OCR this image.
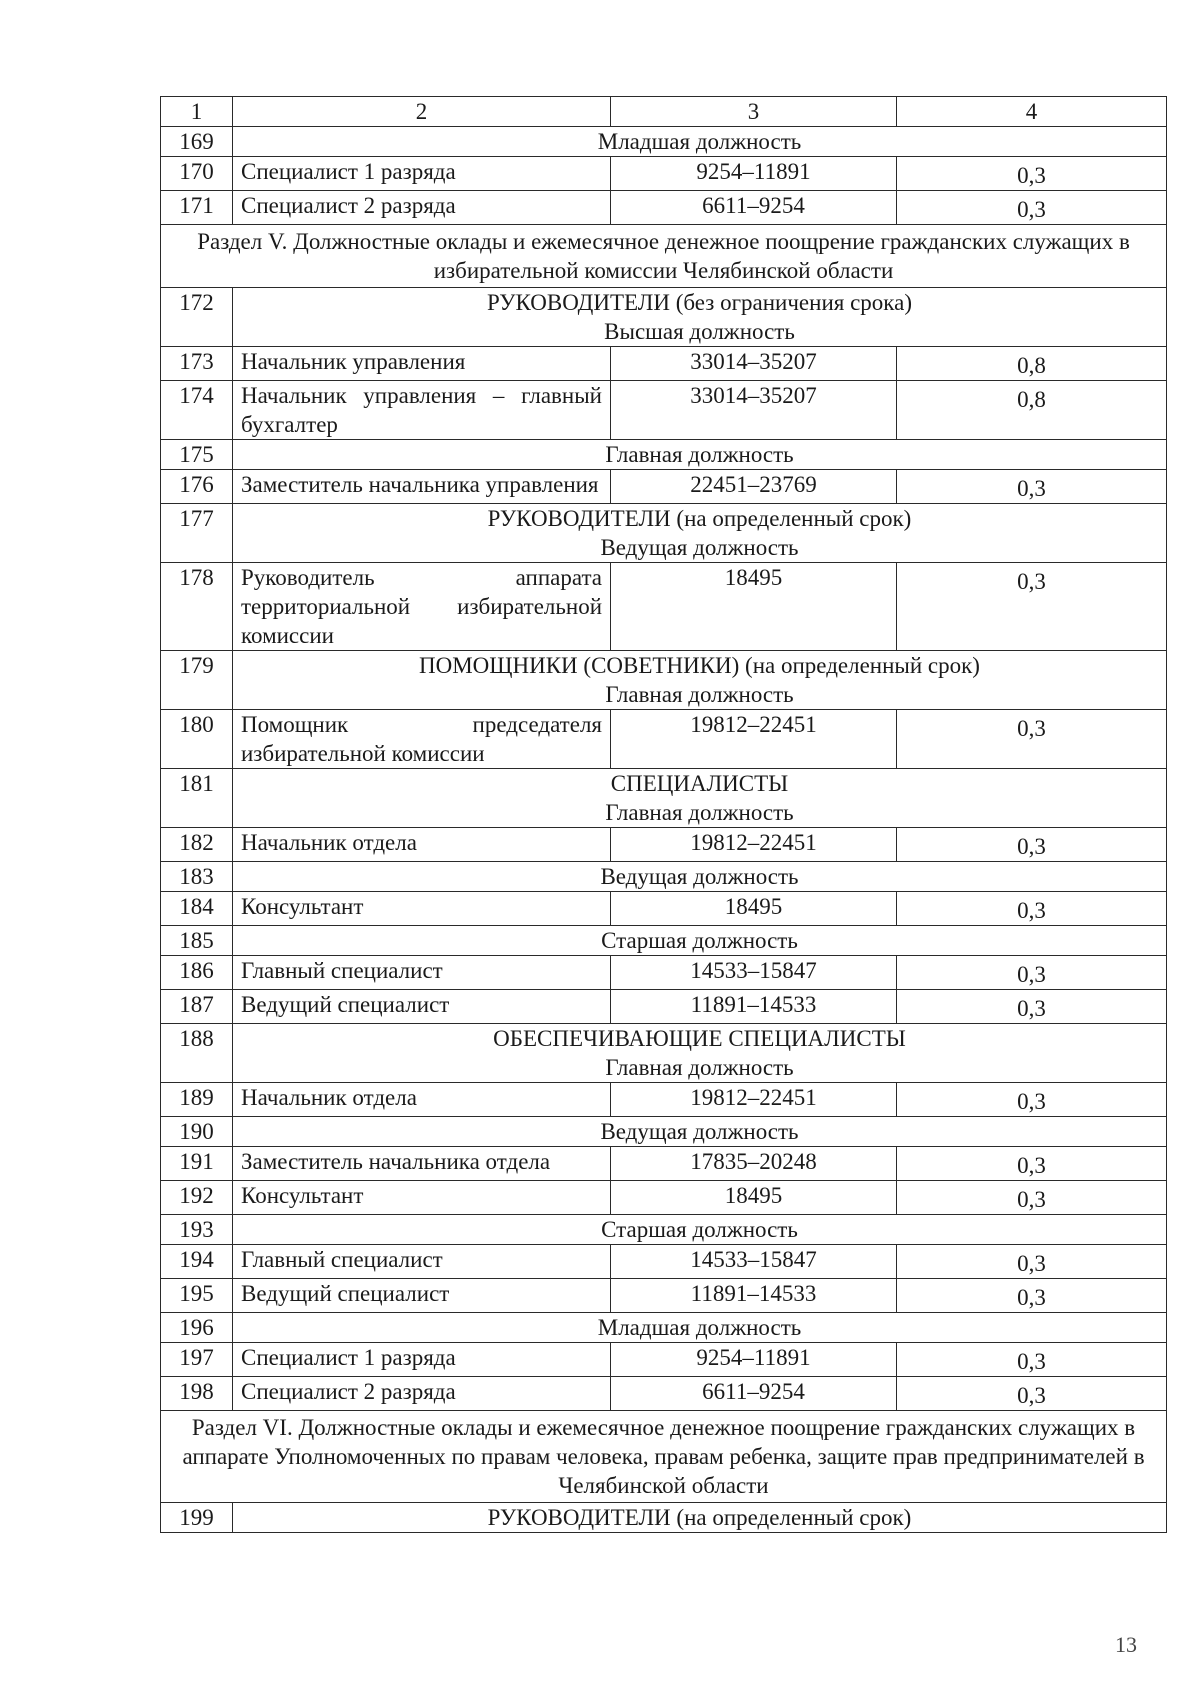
1	2	3	4
169	Младшая должность		

170	Специалист 1 разряда	9254–11891	0,3
171	Специалист 2 разряда	6611–9254	0,3
Раздел V. Должностные оклады и ежемесячное денежное поощрение гражданских служащих в избирательной комиссии Челябинской области			
172	РУКОВОДИТЕЛИ (без ограничения срока)
Высшая должность		

173	Начальник управления	33014–35207	0,8
174	Начальник управления – главный бухгалтер	33014–35207	0,8
175	Главная должность		

176	Заместитель начальника управления	22451–23769	0,3
177	РУКОВОДИТЕЛИ (на определенный срок)
Ведущая должность		

178	Руководитель аппарата территориальной избирательной комиссии	18495	0,3
179	ПОМОЩНИКИ (СОВЕТНИКИ) (на определенный срок)
Главная должность		

180	Помощник председателя избирательной комиссии	19812–22451	0,3
181	СПЕЦИАЛИСТЫ
Главная должность		

182	Начальник отдела	19812–22451	0,3
183	Ведущая должность		

184	Консультант	18495	0,3
185	Старшая должность		

186	Главный специалист	14533–15847	0,3
187	Ведущий специалист	11891–14533	0,3
188	ОБЕСПЕЧИВАЮЩИЕ СПЕЦИАЛИСТЫ
Главная должность		

189	Начальник отдела	19812–22451	0,3
190	Ведущая должность		

191	Заместитель начальника отдела	17835–20248	0,3
192	Консультант	18495	0,3
193	Старшая должность		

194	Главный специалист	14533–15847	0,3
195	Ведущий специалист	11891–14533	0,3
196	Младшая должность		

197	Специалист 1 разряда	9254–11891	0,3
198	Специалист 2 разряда	6611–9254	0,3
Раздел VI. Должностные оклады и ежемесячное денежное поощрение гражданских служащих в аппарате Уполномоченных по правам человека, правам ребенка, защите прав предпринимателей в Челябинской области			
199	РУКОВОДИТЕЛИ (на определенный срок)		
13
